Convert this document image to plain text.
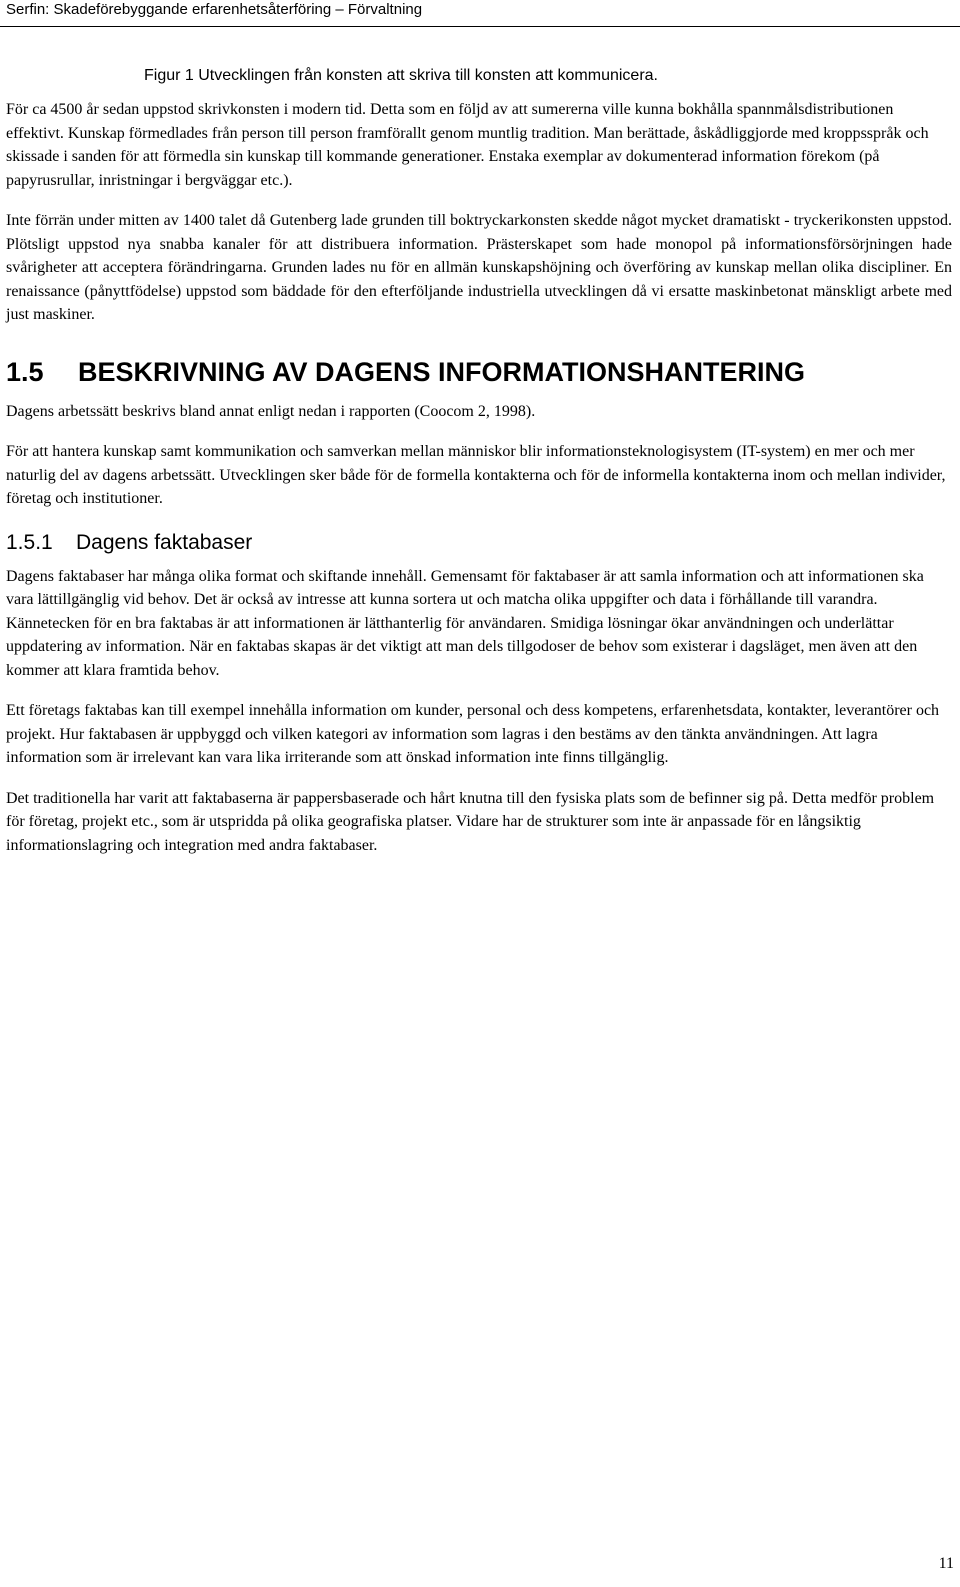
Serfin: Skadeförebyggande erfarenhetsåterföring – Förvaltning

Figur 1 Utvecklingen från konsten att skriva till konsten att kommunicera.

För ca 4500 år sedan uppstod skrivkonsten i modern tid. Detta som en följd av att sumererna ville kunna bokhålla spannmålsdistributionen effektivt. Kunskap förmedlades från person till person framförallt genom muntlig tradition. Man berättade, åskådliggjorde med kroppsspråk och skissade i sanden för att förmedla sin kunskap till kommande generationer. Enstaka exemplar av dokumenterad information förekom (på papyrusrullar, inristningar i bergväggar etc.).

Inte förrän under mitten av 1400 talet då Gutenberg lade grunden till boktryckarkonsten skedde något mycket dramatiskt - tryckerikonsten uppstod. Plötsligt uppstod nya snabba kanaler för att distribuera information. Prästerskapet som hade monopol på informationsförsörjningen hade svårigheter att acceptera förändringarna. Grunden lades nu för en allmän kunskapshöjning och överföring av kunskap mellan olika discipliner. En renaissance (pånyttfödelse) uppstod som bäddade för den efterföljande industriella utvecklingen då vi ersatte maskinbetonat mänskligt arbete med just maskiner.

1.5 BESKRIVNING AV DAGENS INFORMATIONSHANTERING

Dagens arbetssätt beskrivs bland annat enligt nedan i rapporten (Coocom 2, 1998).

För att hantera kunskap samt kommunikation och samverkan mellan människor blir informationsteknologisystem (IT-system) en mer och mer naturlig del av dagens arbetssätt. Utvecklingen sker både för de formella kontakterna och för de informella kontakterna inom och mellan individer, företag och institutioner.

1.5.1 Dagens faktabaser

Dagens faktabaser har många olika format och skiftande innehåll. Gemensamt för faktabaser är att samla information och att informationen ska vara lättillgänglig vid behov. Det är också av intresse att kunna sortera ut och matcha olika uppgifter och data i förhållande till varandra. Kännetecken för en bra faktabas är att informationen är lätthanterlig för användaren. Smidiga lösningar ökar användningen och underlättar uppdatering av information. När en faktabas skapas är det viktigt att man dels tillgodoser de behov som existerar i dagsläget, men även att den kommer att klara framtida behov.

Ett företags faktabas kan till exempel innehålla information om kunder, personal och dess kompetens, erfarenhetsdata, kontakter, leverantörer och projekt. Hur faktabasen är uppbyggd och vilken kategori av information som lagras i den bestäms av den tänkta användningen. Att lagra information som är irrelevant kan vara lika irriterande som att önskad information inte finns tillgänglig.

Det traditionella har varit att faktabaserna är pappersbaserade och hårt knutna till den fysiska plats som de befinner sig på. Detta medför problem för företag, projekt etc., som är utspridda på olika geografiska platser. Vidare har de strukturer som inte är anpassade för en långsiktig informationslagring och integration med andra faktabaser.

11
